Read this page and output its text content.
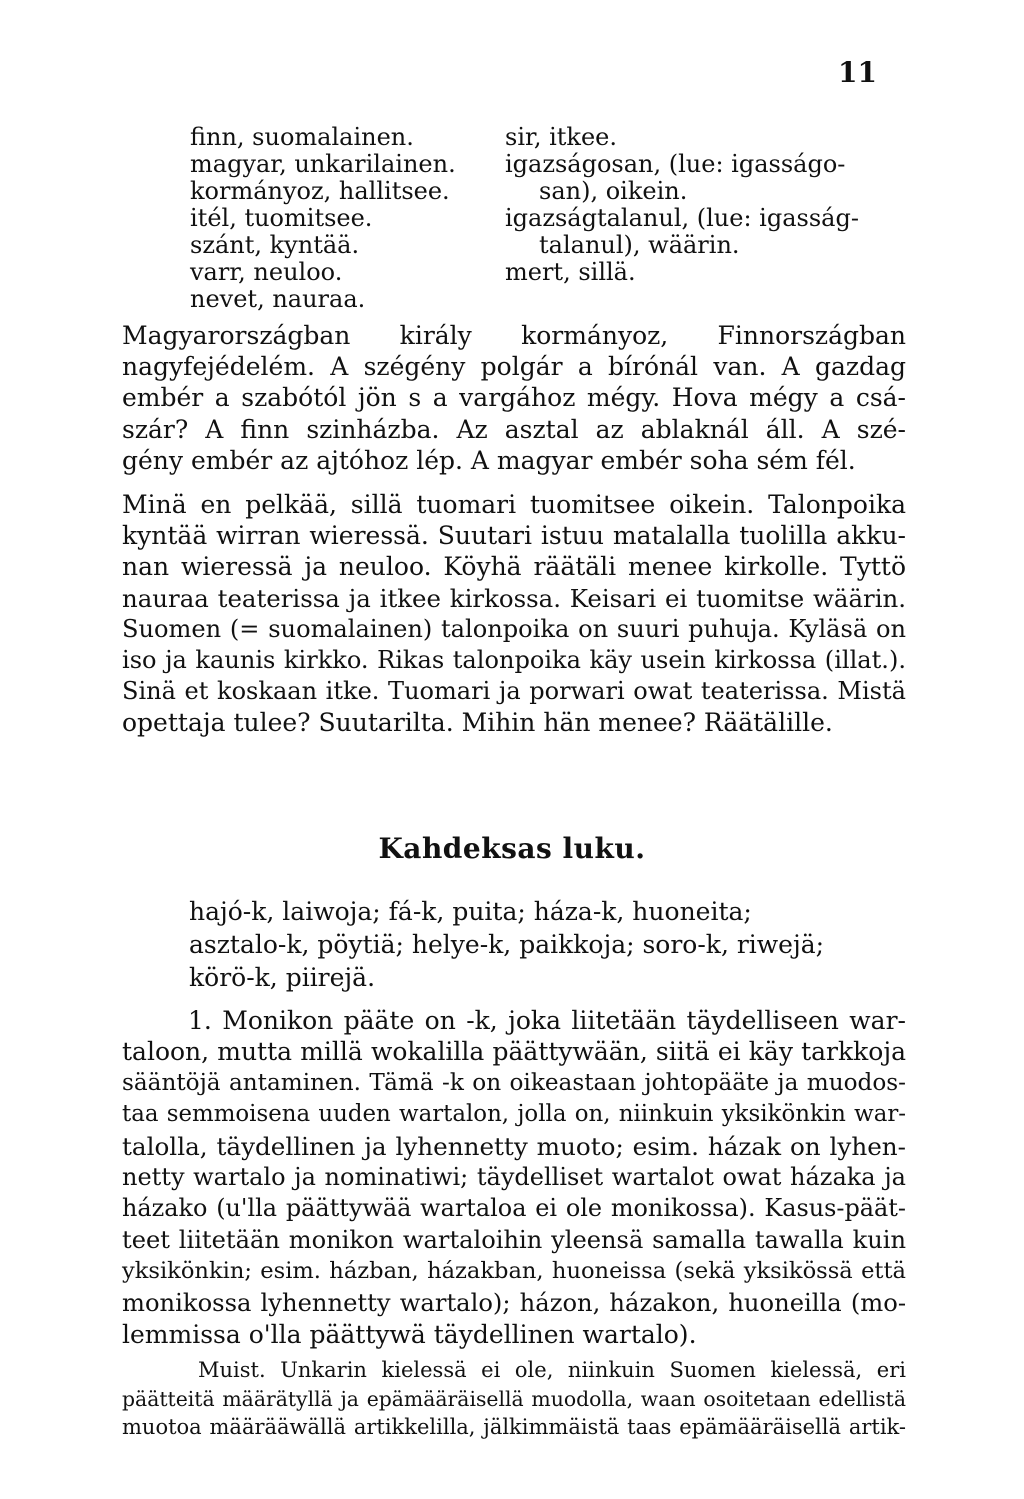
11
finn, suomalainen.
magyar, unkarilainen.
kormányoz, hallitsee.
itél, tuomitsee.
szánt, kyntää.
varr, neuloo.
nevet, nauraa.
sir, itkee.
igazságosan, (lue: igasságo-
san), oikein.
igazságtalanul, (lue: igasság-
talanul), wäärin.
mert, sillä.
Magyarországban király kormányoz, Finnországban
nagyfejédelém. A szégény polgár a bírónál van. A gazdag
embér a szabótól jön s a vargához mégy. Hova mégy a csá-
szár? A finn szinházba. Az asztal az ablaknál áll. A szé-
gény embér az ajtóhoz lép. A magyar embér soha sém fél.
Minä en pelkää, sillä tuomari tuomitsee oikein. Talonpoika
kyntää wirran wieressä. Suutari istuu matalalla tuolilla akku-
nan wieressä ja neuloo. Köyhä räätäli menee kirkolle. Tyttö
nauraa teaterissa ja itkee kirkossa. Keisari ei tuomitse wäärin.
Suomen (= suomalainen) talonpoika on suuri puhuja. Kyläsä on
iso ja kaunis kirkko. Rikas talonpoika käy usein kirkossa (illat.).
Sinä et koskaan itke. Tuomari ja porwari owat teaterissa. Mistä
opettaja tulee? Suutarilta. Mihin hän menee? Räätälille.
Kahdeksas luku.
hajó-k, laiwoja; fá-k, puita; háza-k, huoneita;
asztalo-k, pöytiä; helye-k, paikkoja; soro-k, riwejä;
körö-k, piirejä.
1. Monikon pääte on -k, joka liitetään täydelliseen war-
taloon, mutta millä wokalilla päättywään, siitä ei käy tarkkoja
sääntöjä antaminen. Tämä -k on oikeastaan johtopääte ja muodos-
taa semmoisena uuden wartalon, jolla on, niinkuin yksikönkin war-
talolla, täydellinen ja lyhennetty muoto; esim. házak on lyhen-
netty wartalo ja nominatiwi; täydelliset wartalot owat házaka ja
házako (u'lla päättywää wartaloa ei ole monikossa). Kasus-päät-
teet liitetään monikon wartaloihin yleensä samalla tawalla kuin
yksikönkin; esim. házban, házakban, huoneissa (sekä yksikössä että
monikossa lyhennetty wartalo); házon, házakon, huoneilla (mo-
lemmissa o'lla päättywä täydellinen wartalo).
Muist. Unkarin kielessä ei ole, niinkuin Suomen kielessä, eri
päätteitä määrätyllä ja epämääräisellä muodolla, waan osoitetaan edellistä
muotoa määrääwällä artikkelilla, jälkimmäistä taas epämääräisellä artik-
